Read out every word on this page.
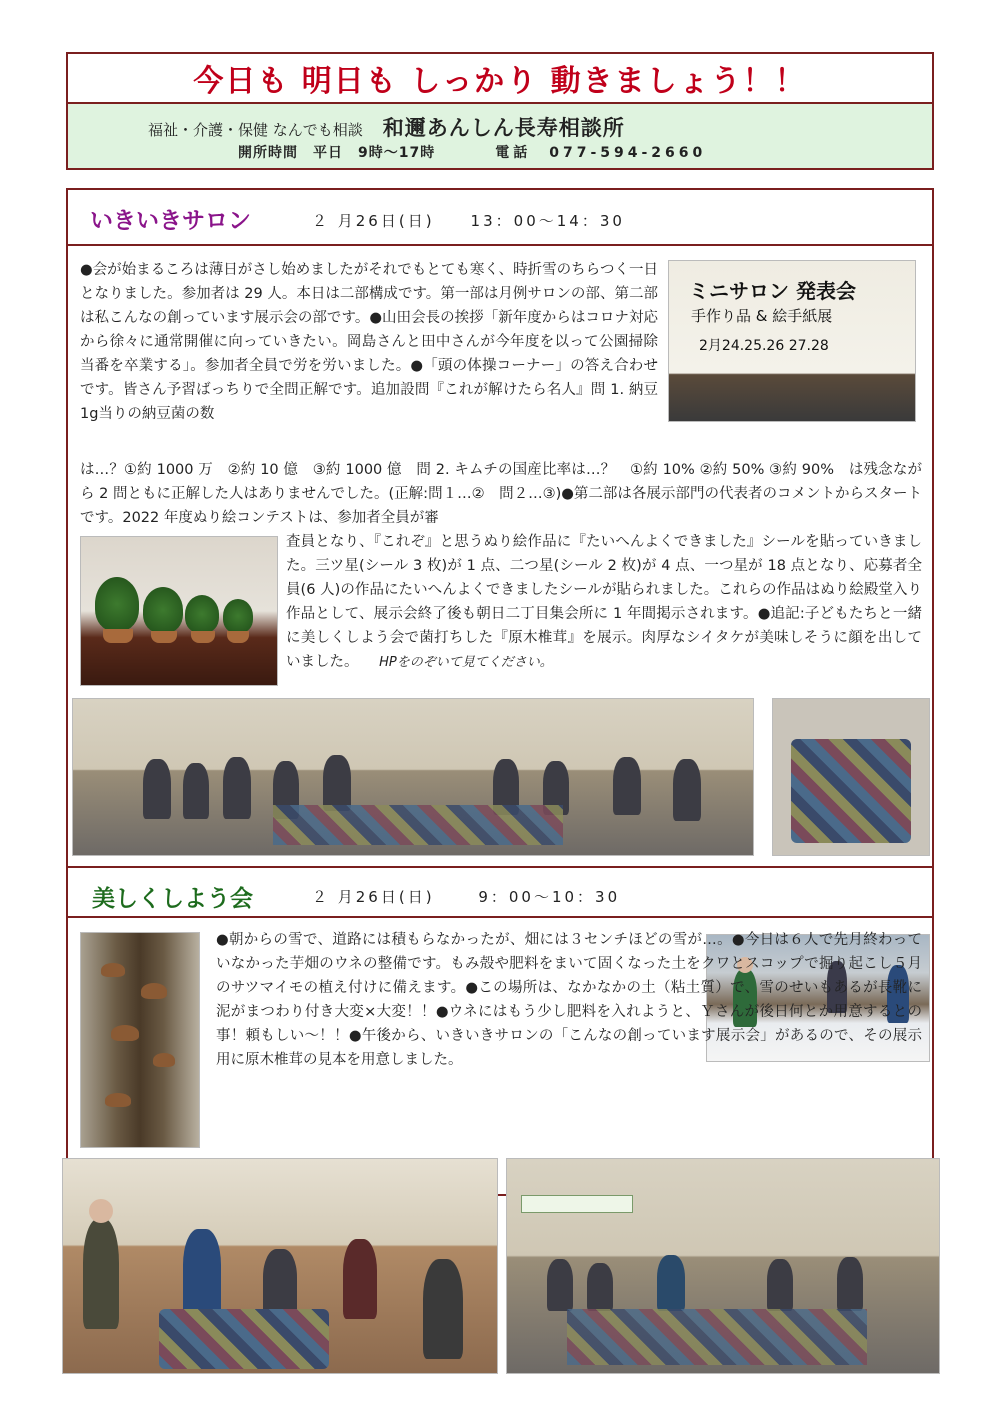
今日も 明日も しっかり 動きましょう！！
福祉・介護・保健 なんでも相談 和邇あんしん長寿相談所
開所時間　平日　9時～17時	電話　077-594-2660
いきいきサロン	２ 月26日(日)　　13：00～14：30
●会が始まるころは薄日がさし始めましたがそれでもとても寒く、時折雪のちらつく一日となりました。参加者は 29 人。本日は二部構成です。第一部は月例サロンの部、第二部は私こんなの創っています展示会の部です。●山田会長の挨拶「新年度からはコロナ対応から徐々に通常開催に向っていきたい。岡島さんと田中さんが今年度を以って公園掃除当番を卒業する」。参加者全員で労を労いました。●「頭の体操コーナー」の答え合わせです。皆さん予習ばっちりで全問正解です。追加設問『これが解けたら名人』問 1. 納豆 1g当りの納豆菌の数
ミニサロン 発表会
手作り品 & 絵手紙展
2月24.25.26 27.28
は…？①約 1000 万　②約 10 億　③約 1000 億　問 2. キムチの国産比率は…？　①約 10% ②約 50% ③約 90%　は残念ながら 2 問ともに正解した人はありませんでした。(正解:問１…②　問２…③)●第二部は各展示部門の代表者のコメントからスタートです。2022 年度ぬり絵コンテストは、参加者全員が審
査員となり、『これぞ』と思うぬり絵作品に『たいへんよくできました』シールを貼っていきました。三ツ星(シール 3 枚)が 1 点、二つ星(シール 2 枚)が 4 点、一つ星が 18 点となり、応募者全員(6 人)の作品にたいへんよくできましたシールが貼られました。これらの作品はぬり絵殿堂入り作品として、展示会終了後も朝日二丁目集会所に 1 年間掲示されます。●追記:子どもたちと一緒に美しくしよう会で菌打ちした『原木椎茸』を展示。肉厚なシイタケが美味しそうに顔を出していました。 HPをのぞいて見てください。
美しくしよう会	２ 月26日(日)　　 9：00～10：30
●朝からの雪で、道路には積もらなかったが、畑には３センチほどの雪が…。●今日は６人で先月終わっていなかった芋畑のウネの整備です。もみ殻や肥料をまいて固くなった土をクワとスコップで掘り起こし５月のサツマイモの植え付けに備えます。●この場所は、なかなかの土（粘土質）で、雪のせいもあるが長靴に泥がまつわり付き大変×大変！！●ウネにはもう少し肥料を入れようと、Ｙさんが後日何とか用意するとの事！頼もしい～！！●午後から、いきいきサロンの「こんなの創っています展示会」があるので、その展示用に原木椎茸の見本を用意しました。
